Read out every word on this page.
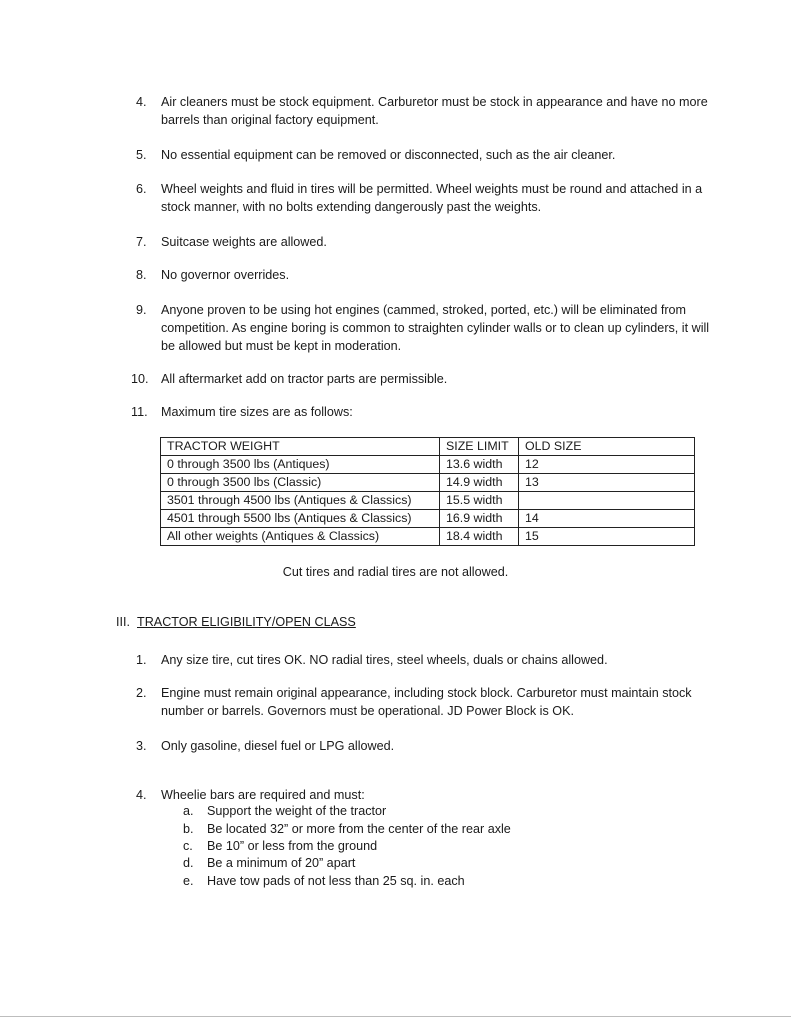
4. Air cleaners must be stock equipment. Carburetor must be stock in appearance and have no more barrels than original factory equipment.
5. No essential equipment can be removed or disconnected, such as the air cleaner.
6. Wheel weights and fluid in tires will be permitted. Wheel weights must be round and attached in a stock manner, with no bolts extending dangerously past the weights.
7. Suitcase weights are allowed.
8. No governor overrides.
9. Anyone proven to be using hot engines (cammed, stroked, ported, etc.) will be eliminated from competition. As engine boring is common to straighten cylinder walls or to clean up cylinders, it will be allowed but must be kept in moderation.
10. All aftermarket add on tractor parts are permissible.
11. Maximum tire sizes are as follows:
TRACTOR WEIGHT	SIZE LIMIT	OLD SIZE
0 through 3500 lbs (Antiques)	13.6 width	12
0 through 3500 lbs (Classic)	14.9 width	13
3501 through 4500 lbs (Antiques & Classics)	15.5 width	
4501 through 5500 lbs (Antiques & Classics)	16.9 width	14
All other weights (Antiques & Classics)	18.4 width	15
Cut tires and radial tires are not allowed.
III. TRACTOR ELIGIBILITY/OPEN CLASS
1. Any size tire, cut tires OK. NO radial tires, steel wheels, duals or chains allowed.
2. Engine must remain original appearance, including stock block. Carburetor must maintain stock number or barrels. Governors must be operational. JD Power Block is OK.
3. Only gasoline, diesel fuel or LPG allowed.
4. Wheelie bars are required and must:
a. Support the weight of the tractor
b. Be located 32” or more from the center of the rear axle
c. Be 10” or less from the ground
d. Be a minimum of 20” apart
e. Have tow pads of not less than 25 sq. in. each
